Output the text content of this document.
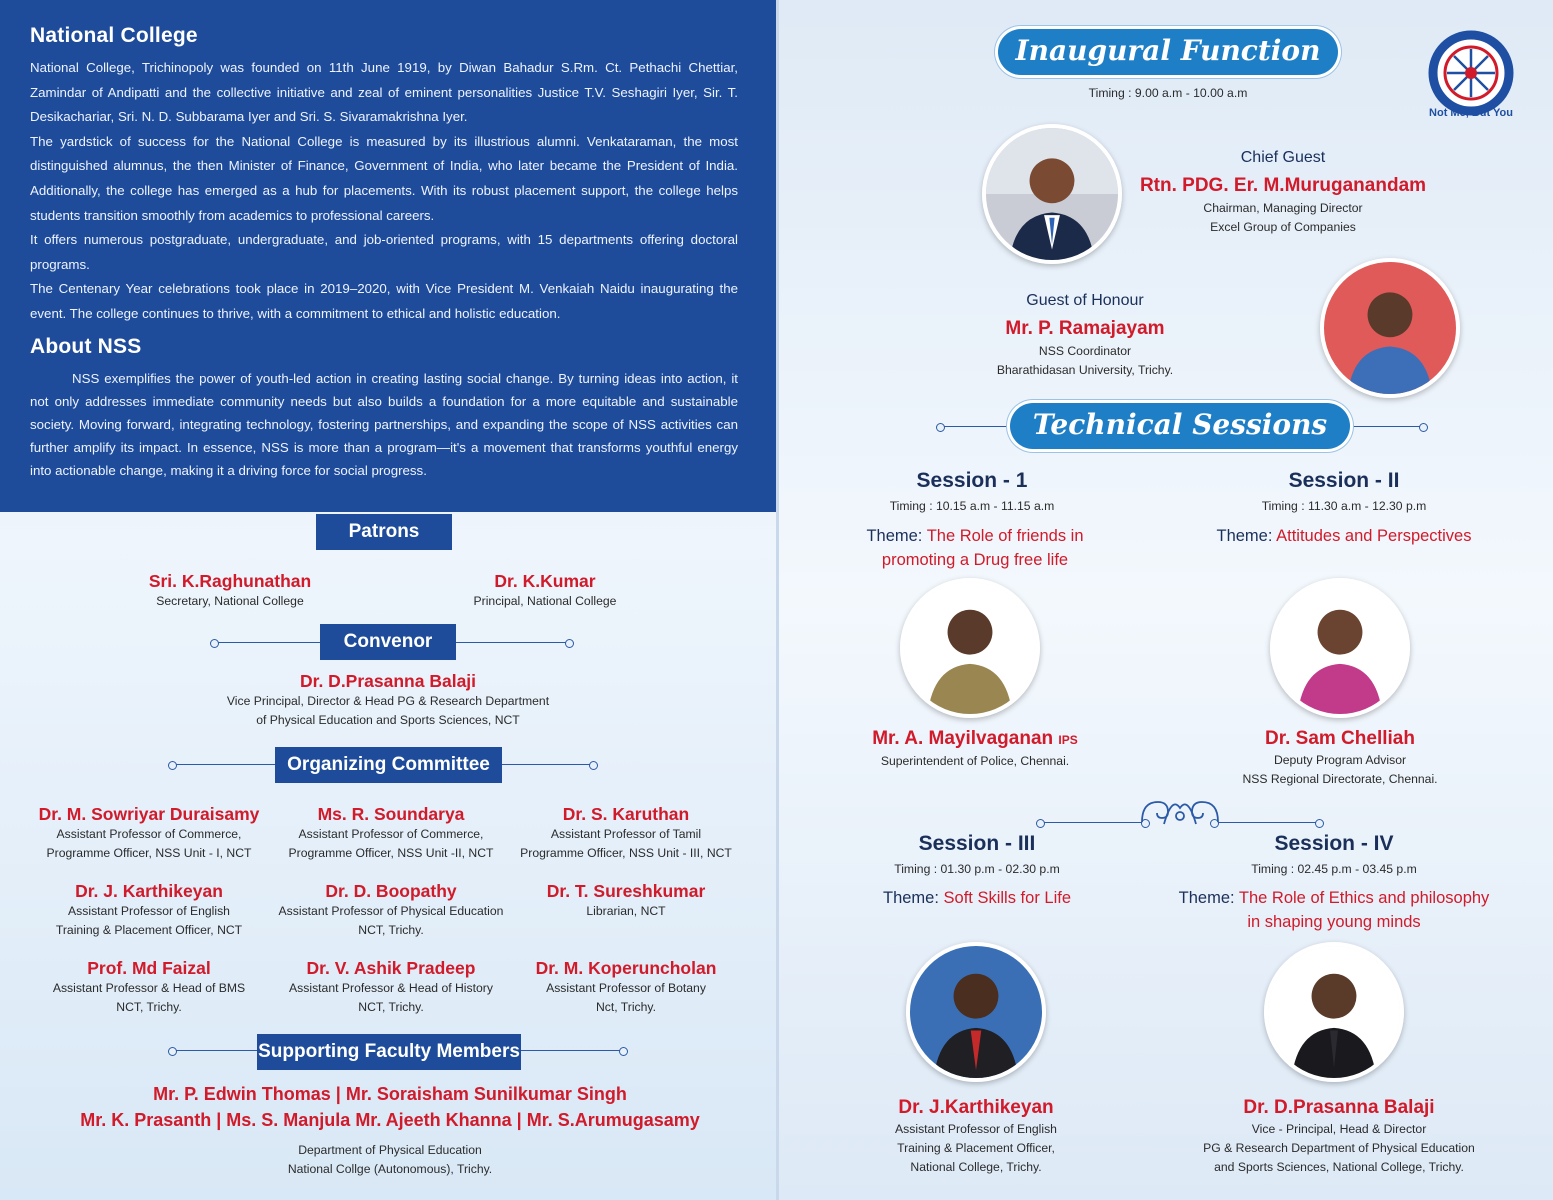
National College

National College, Trichinopoly was founded on 11th June 1919, by Diwan Bahadur S.Rm. Ct. Pethachi Chettiar, Zamindar of Andipatti and the collective initiative and zeal of eminent personalities Justice T.V. Seshagiri Iyer, Sir. T. Desikachariar, Sri. N. D. Subbarama Iyer and Sri. S. Sivaramakrishna Iyer.

The yardstick of success for the National College is measured by its illustrious alumni. Venkataraman, the most distinguished alumnus, the then Minister of Finance, Government of India, who later became the President of India. Additionally, the college has emerged as a hub for placements. With its robust placement support, the college helps students transition smoothly from academics to professional careers.

It offers numerous postgraduate, undergraduate, and job-oriented programs, with 15 departments offering doctoral programs.

The Centenary Year celebrations took place in 2019–2020, with Vice President M. Venkaiah Naidu inaugurating the event. The college continues to thrive, with a commitment to ethical and holistic education.

About NSS

NSS exemplifies the power of youth-led action in creating lasting social change. By turning ideas into action, it not only addresses immediate community needs but also builds a foundation for a more equitable and sustainable society. Moving forward, integrating technology, fostering partnerships, and expanding the scope of NSS activities can further amplify its impact. In essence, NSS is more than a program—it's a movement that transforms youthful energy into actionable change, making it a driving force for social progress.

Patrons
Sri. K.Raghunathan
Secretary, National College
Dr. K.Kumar
Principal, National College
Convenor
Dr. D.Prasanna Balaji
Vice Principal, Director & Head PG & Research Department
of Physical Education and Sports Sciences, NCT
Organizing Committee
Dr. M. Sowriyar Duraisamy
Assistant Professor of Commerce,
Programme Officer, NSS Unit - I, NCT
Ms. R. Soundarya
Assistant Professor of Commerce,
Programme Officer, NSS Unit -II, NCT
Dr. S. Karuthan
Assistant Professor of Tamil
Programme Officer, NSS Unit - III, NCT
Dr. J. Karthikeyan
Assistant Professor of English
Training & Placement Officer, NCT
Dr. D. Boopathy
Assistant Professor of Physical Education
NCT, Trichy.
Dr. T. Sureshkumar
Librarian, NCT
Prof. Md Faizal
Assistant Professor & Head of BMS
NCT, Trichy.
Dr. V. Ashik Pradeep
Assistant Professor & Head of History
NCT, Trichy.
Dr. M. Koperuncholan
Assistant Professor of Botany
Nct, Trichy.
Supporting Faculty Members
Mr. P. Edwin Thomas | Mr. Soraisham Sunilkumar Singh
Mr. K. Prasanth | Ms. S. Manjula Mr. Ajeeth Khanna | Mr. S.Arumugasamy
Department of Physical Education
National Collge (Autonomous), Trichy.
Inaugural Function
Timing : 9.00 a.m - 10.00 a.m
Not Me, But You
Chief Guest
Rtn. PDG. Er. M.Muruganandam
Chairman, Managing Director
Excel Group of Companies
Guest of Honour
Mr. P. Ramajayam
NSS Coordinator
Bharathidasan University, Trichy.
Technical Sessions
Session - 1
Timing : 10.15 a.m - 11.15 a.m
Theme: The Role of friends in
promoting a Drug free life
Mr. A. Mayilvaganan IPS
Superintendent of Police, Chennai.
Session - II
Timing : 11.30 a.m - 12.30 p.m
Theme: Attitudes and Perspectives
Dr. Sam Chelliah
Deputy Program Advisor
NSS Regional Directorate, Chennai.
Session - III
Timing : 01.30 p.m - 02.30 p.m
Theme: Soft Skills for Life
Dr. J.Karthikeyan
Assistant Professor of English
Training & Placement Officer,
National College, Trichy.
Session - IV
Timing : 02.45 p.m - 03.45 p.m
Theme: The Role of Ethics and philosophy
in shaping young minds
Dr. D.Prasanna Balaji
Vice - Principal, Head & Director
PG & Research Department of Physical Education
and Sports Sciences, National College, Trichy.
